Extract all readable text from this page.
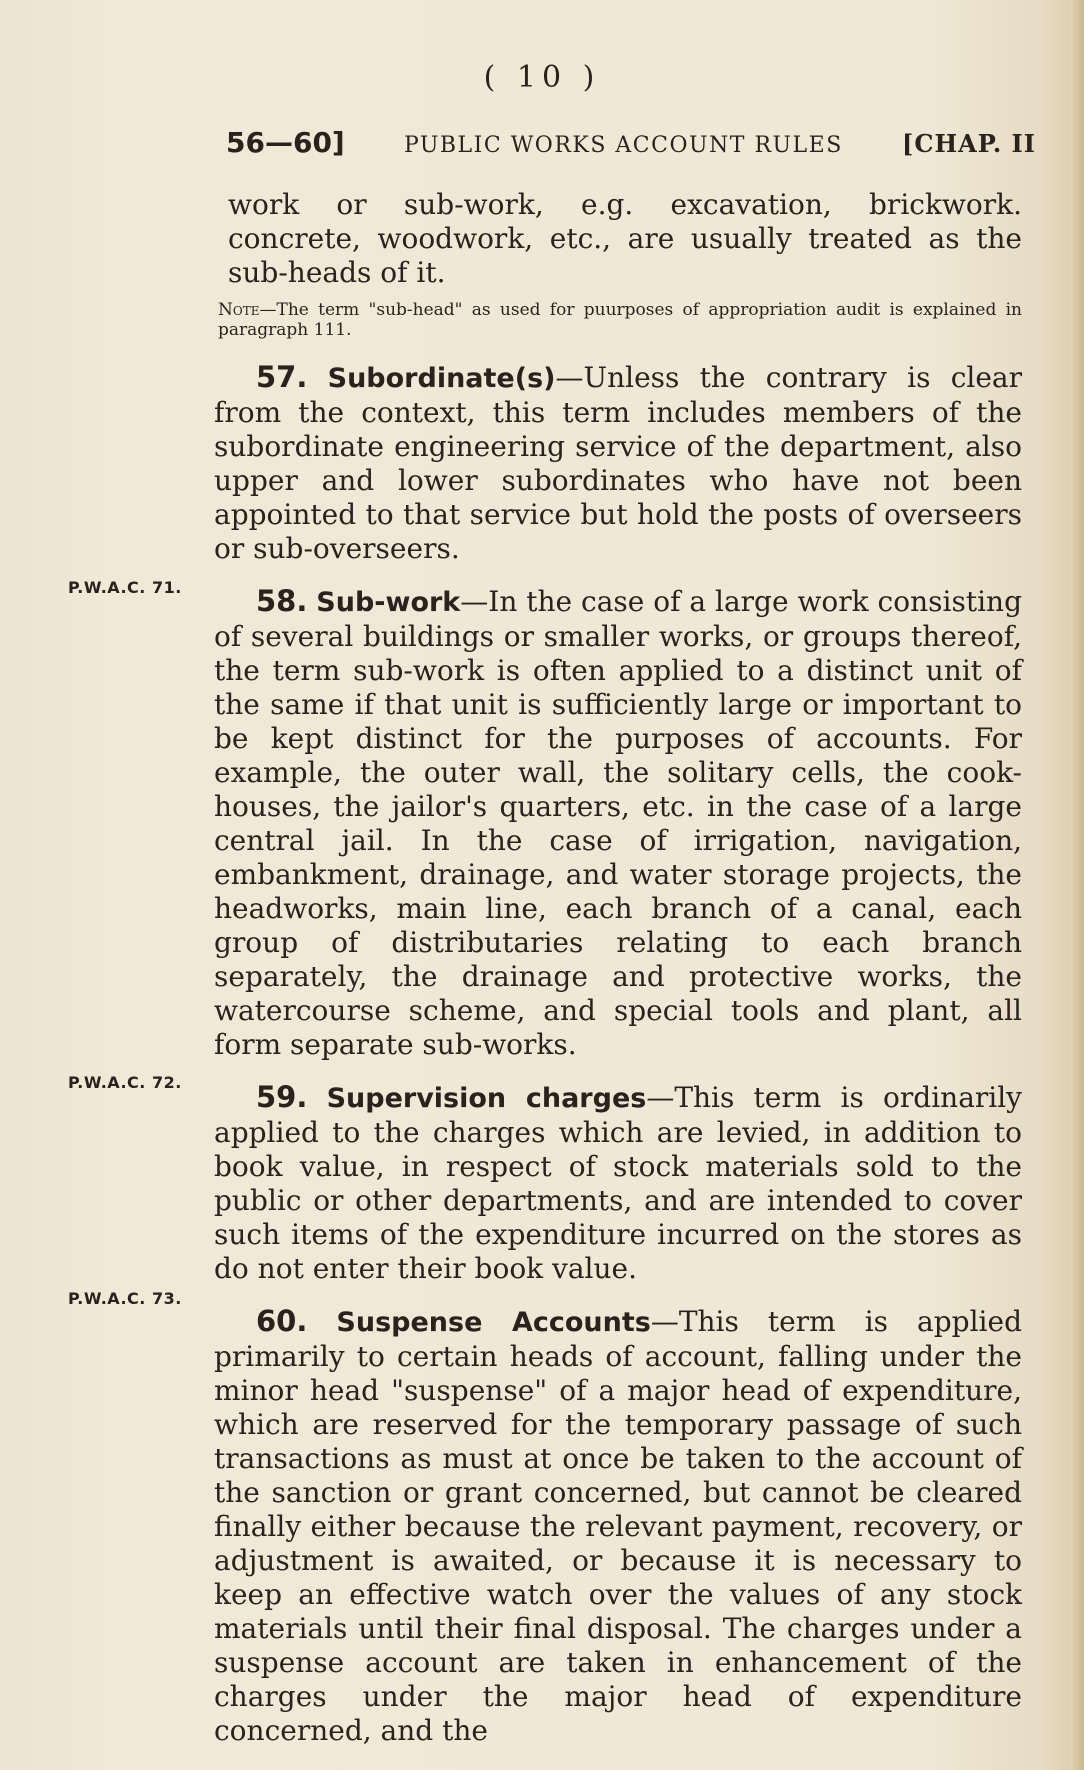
( 10 )
56—60]	PUBLIC WORKS ACCOUNT RULES [CHAP. II
P.W.A.C. 71.
P.W.A.C. 72.
P.W.A.C. 73.

work or sub-work, e.g. excavation, brickwork. concrete, woodwork, etc., are usually treated as the sub-heads of it.

Note—The term "sub-head" as used for puurposes of appropriation audit is explained in paragraph 111.

57. Subordinate(s)—Unless the contrary is clear from the context, this term includes members of the subordinate engineering service of the department, also upper and lower subordinates who have not been appointed to that service but hold the posts of overseers or sub-overseers.

58. Sub-work—In the case of a large work consisting of several buildings or smaller works, or groups thereof, the term sub-work is often applied to a distinct unit of the same if that unit is sufficiently large or important to be kept distinct for the purposes of accounts. For example, the outer wall, the solitary cells, the cook-houses, the jailor's quarters, etc. in the case of a large central jail. In the case of irrigation, navigation, embankment, drainage, and water storage projects, the headworks, main line, each branch of a canal, each group of distributaries relating to each branch separately, the drainage and protective works, the watercourse scheme, and special tools and plant, all form separate sub-works.

59. Supervision charges—This term is ordinarily applied to the charges which are levied, in addition to book value, in respect of stock materials sold to the public or other departments, and are intended to cover such items of the expenditure incurred on the stores as do not enter their book value.

60. Suspense Accounts—This term is applied primarily to certain heads of account, falling under the minor head "suspense" of a major head of expenditure, which are reserved for the temporary passage of such transactions as must at once be taken to the account of the sanction or grant concerned, but cannot be cleared finally either because the relevant payment, recovery, or adjustment is awaited, or because it is necessary to keep an effective watch over the values of any stock materials until their final disposal. The charges under a suspense account are taken in enhancement of the charges under the major head of expenditure concerned, and the
